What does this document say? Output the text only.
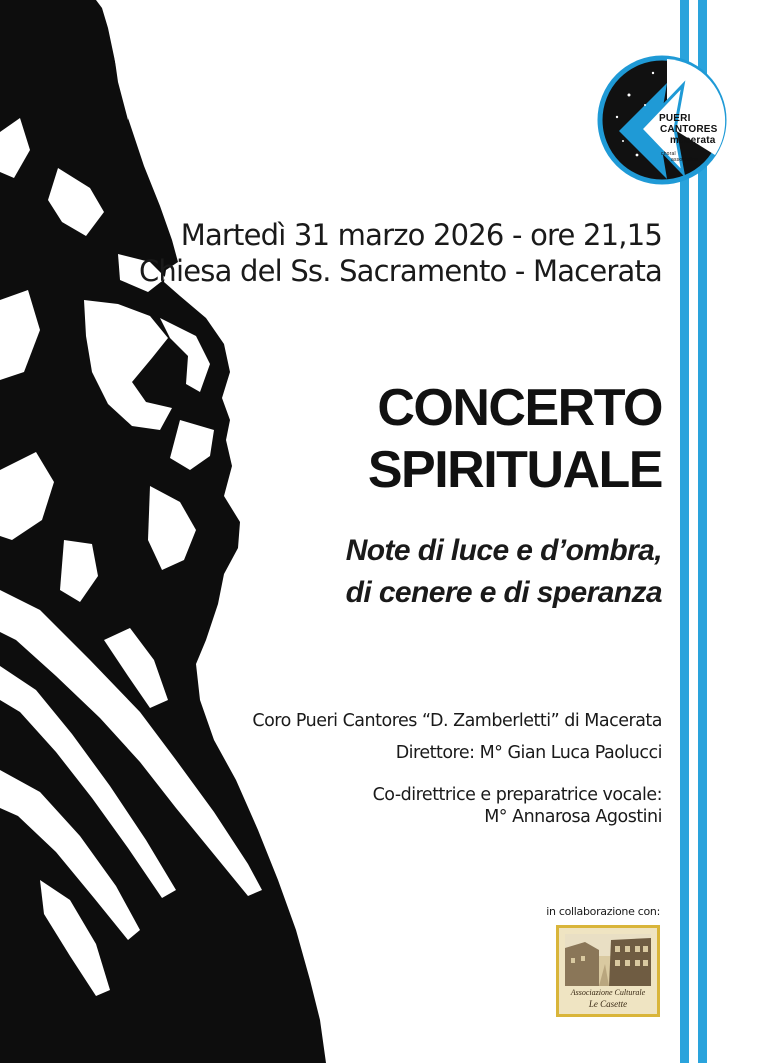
PUERI
CANTORES
macerata
choral
association
Martedì 31 marzo 2026 - ore 21,15
Chiesa del Ss. Sacramento - Macerata
CONCERTO
SPIRITUALE
Note di luce e d’ombra,
di cenere e di speranza
Coro Pueri Cantores “D. Zamberletti” di Macerata
Direttore: M° Gian Luca Paolucci
Co-direttrice e preparatrice vocale:
M° Annarosa Agostini
in collaborazione con:
Associazione Culturale
Le Casette
